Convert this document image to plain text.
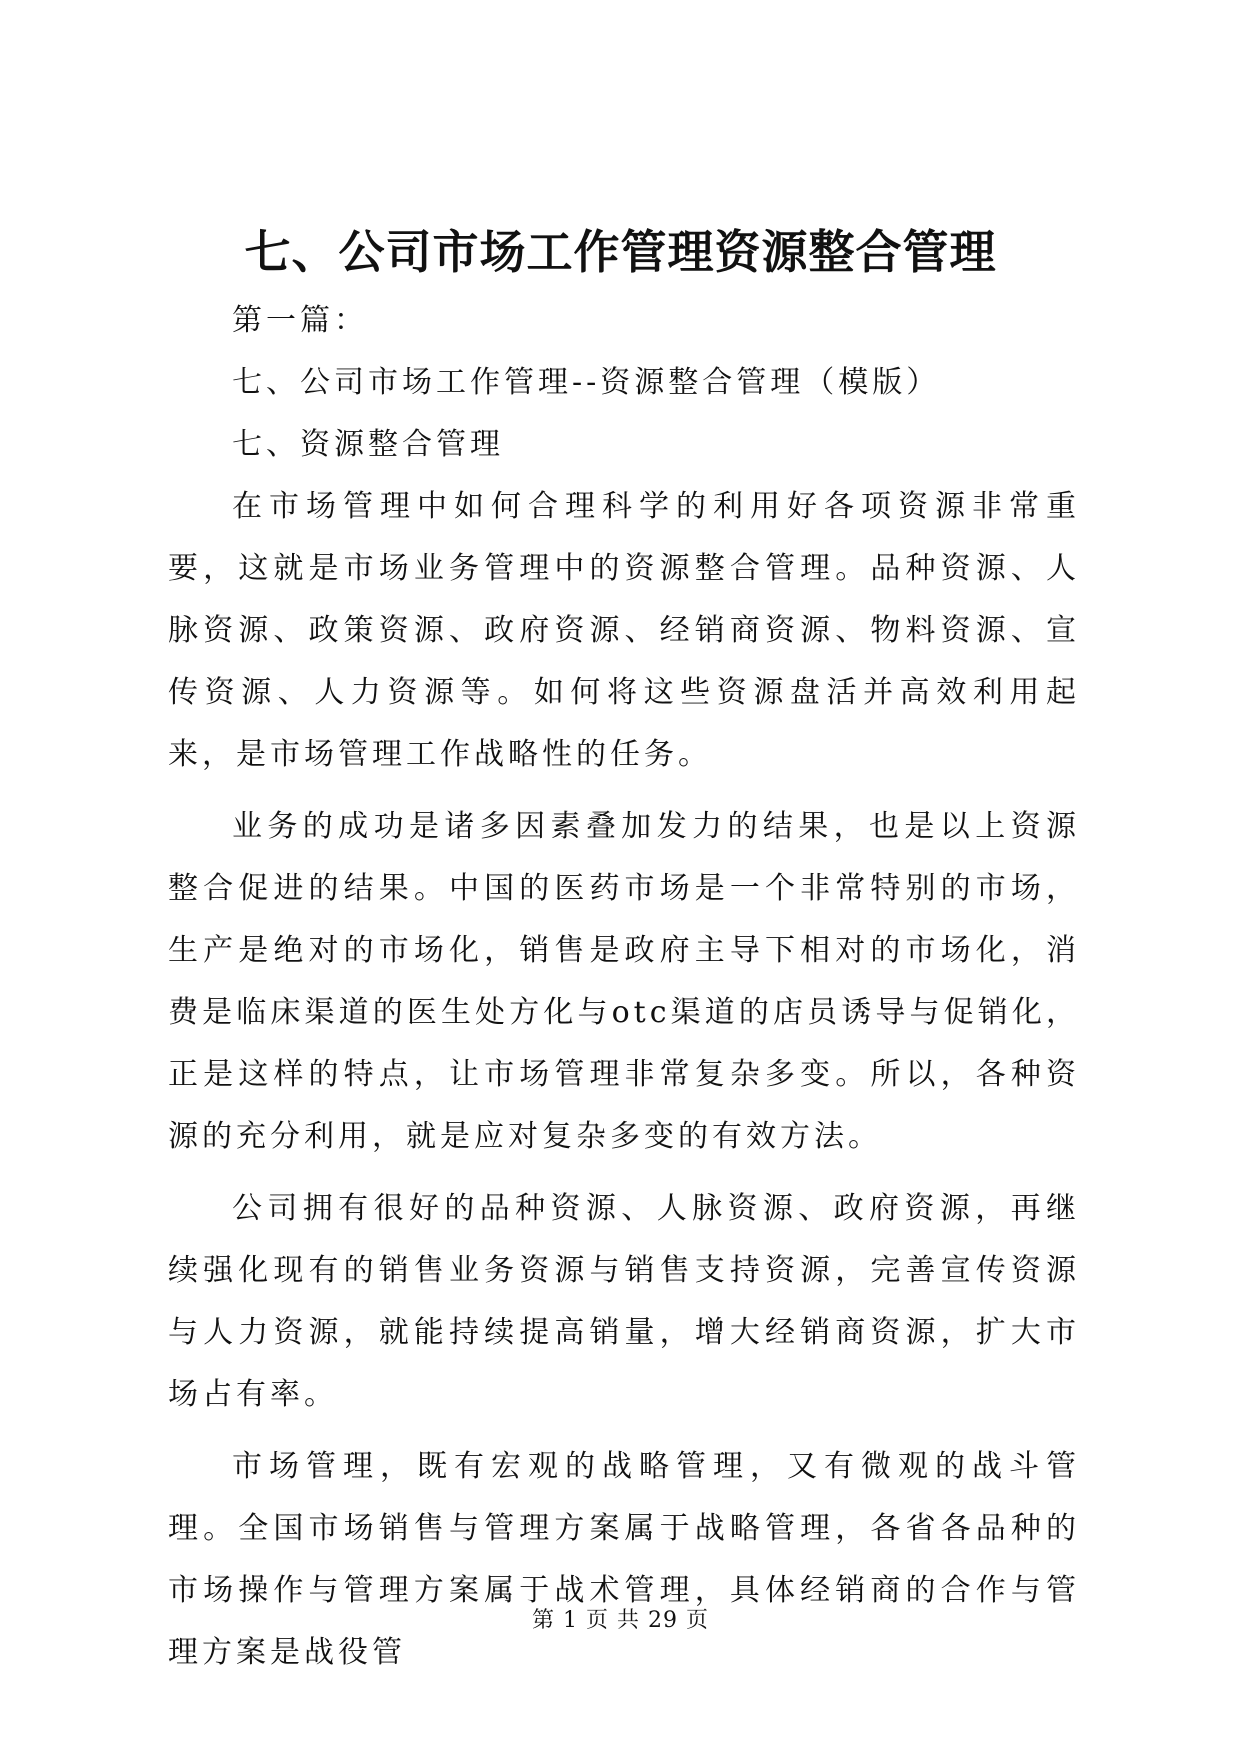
七、公司市场工作管理资源整合管理

第一篇：

七、公司市场工作管理--资源整合管理（模版）

七、资源整合管理

在市场管理中如何合理科学的利用好各项资源非常重要，这就是市场业务管理中的资源整合管理。品种资源、人脉资源、政策资源、政府资源、经销商资源、物料资源、宣传资源、人力资源等。如何将这些资源盘活并高效利用起来，是市场管理工作战略性的任务。

业务的成功是诸多因素叠加发力的结果，也是以上资源整合促进的结果。中国的医药市场是一个非常特别的市场，生产是绝对的市场化，销售是政府主导下相对的市场化，消费是临床渠道的医生处方化与otc渠道的店员诱导与促销化，正是这样的特点，让市场管理非常复杂多变。所以，各种资源的充分利用，就是应对复杂多变的有效方法。

公司拥有很好的品种资源、人脉资源、政府资源，再继续强化现有的销售业务资源与销售支持资源，完善宣传资源与人力资源，就能持续提高销量，增大经销商资源，扩大市场占有率。

市场管理，既有宏观的战略管理，又有微观的战斗管理。全国市场销售与管理方案属于战略管理，各省各品种的市场操作与管理方案属于战术管理，具体经销商的合作与管理方案是战役管

第 1 页 共 29 页
